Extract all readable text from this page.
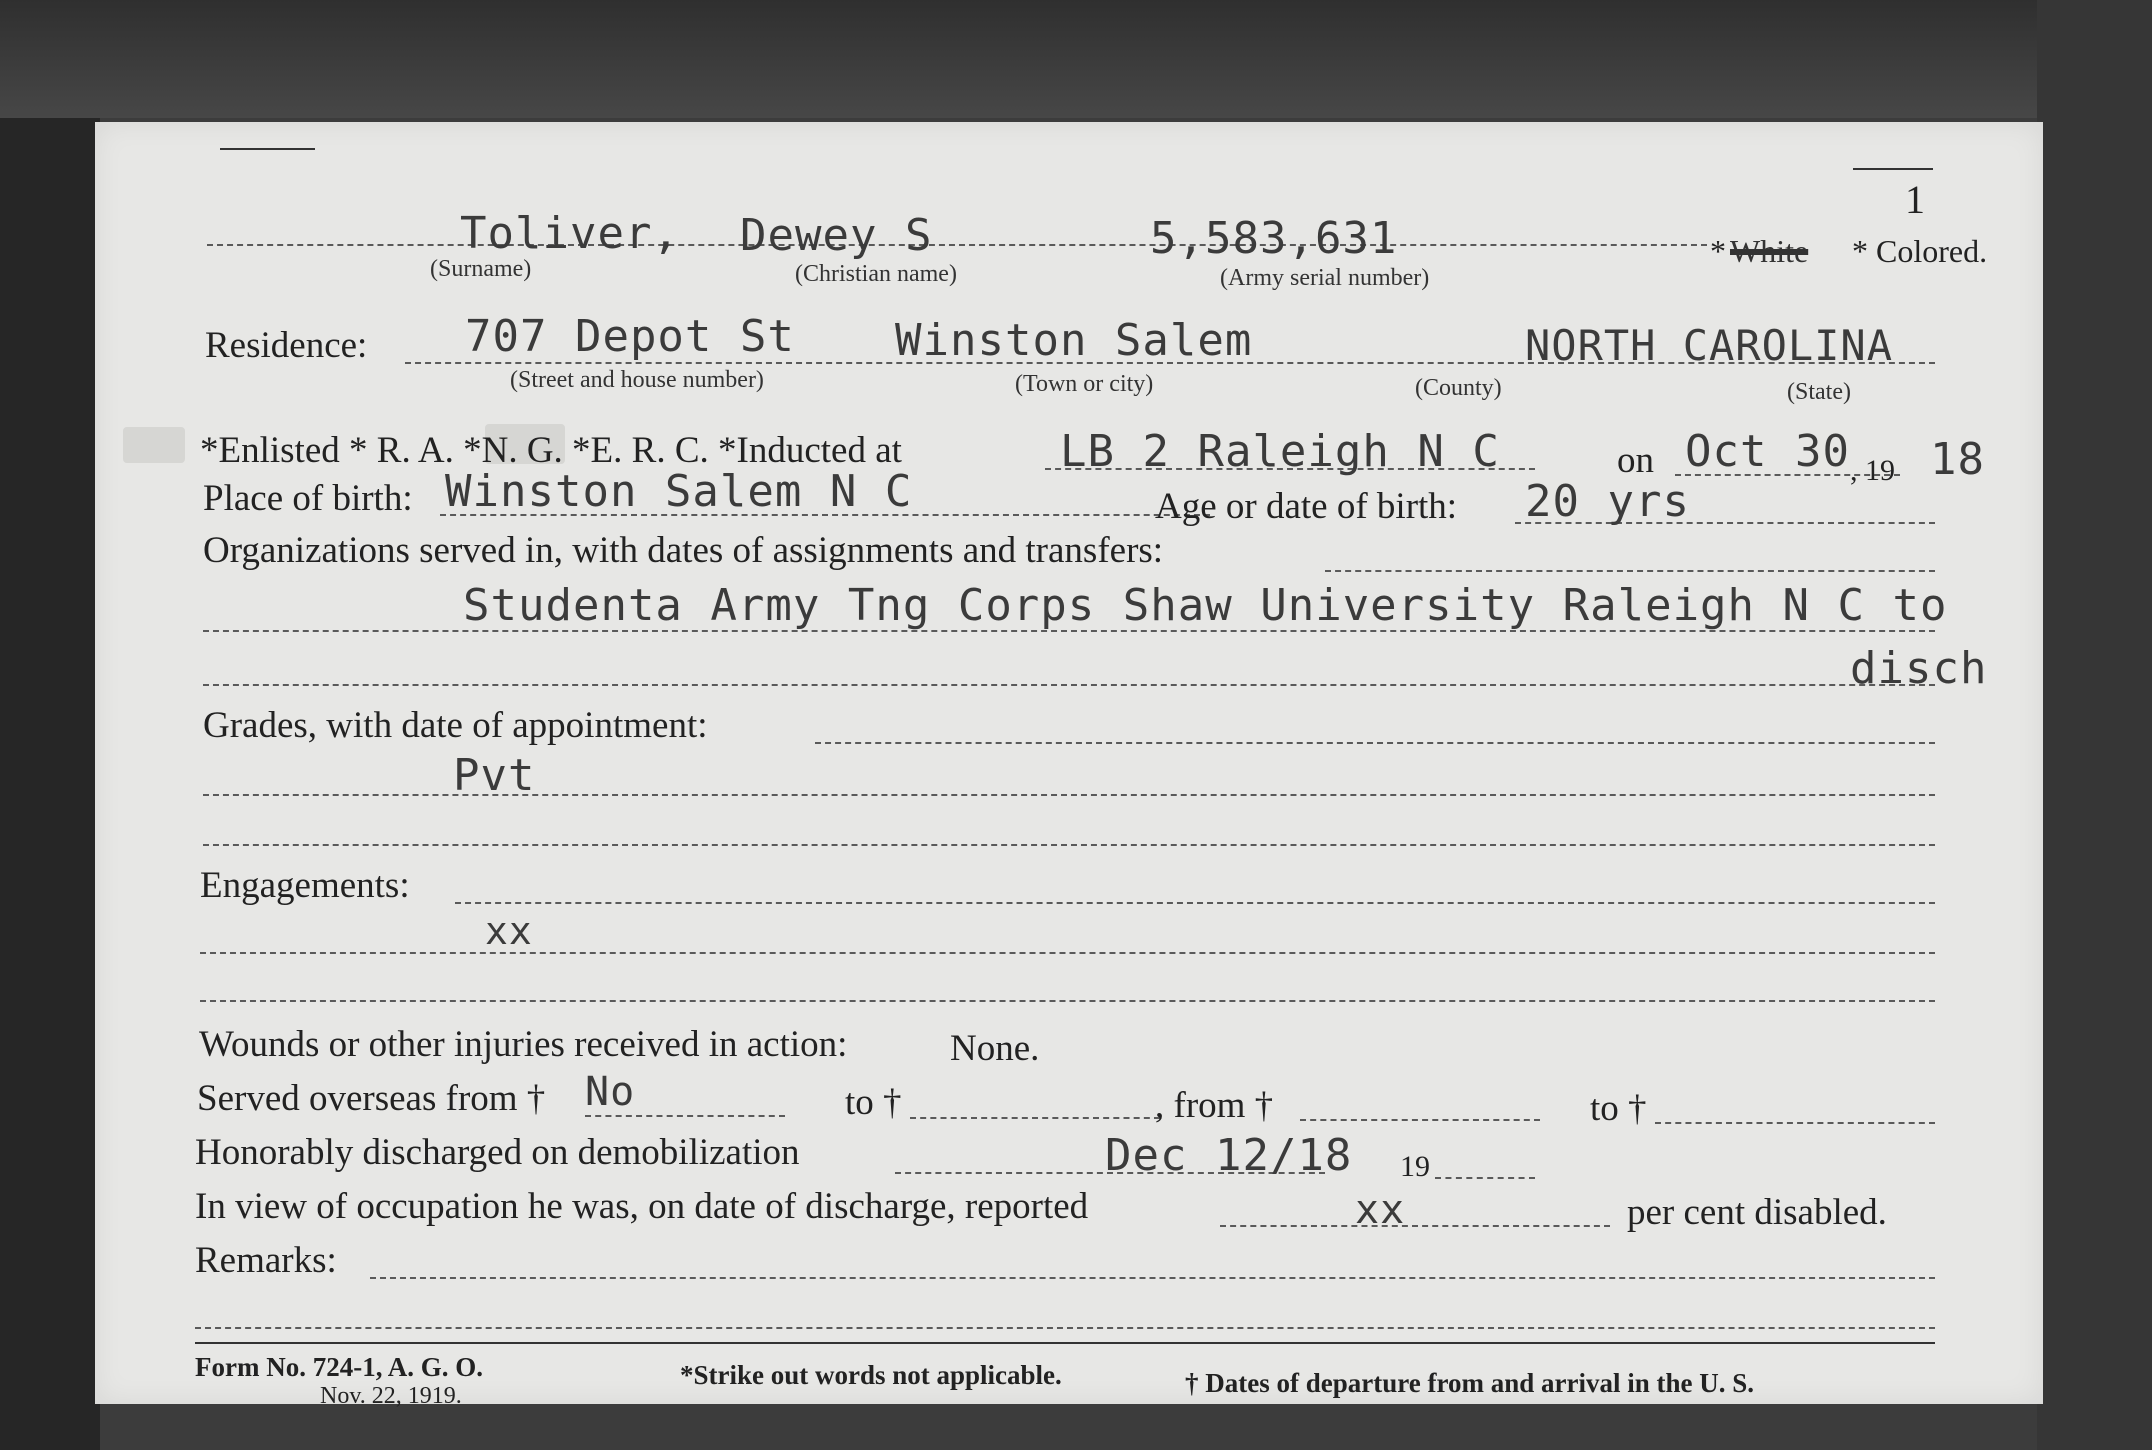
1
Toliver, Dewey S	5,583,631
(Surname)	(Christian name)	(Army serial number)
* White * Colored.
Residence: 707 Depot St Winston Salem	NORTH CAROLINA
(Street and house number)	(Town or city)	(County)	(State)
*Enlisted * R. A. *N. G. *E. R. C. *Inducted at	LB 2 Raleigh N C	on Oct 30 , 19 18
Place of birth: Winston Salem N C	Age or date of birth: 20 yrs
Organizations served in, with dates of assignments and transfers:
Studenta Army Tng Corps Shaw University Raleigh N C to
disch
Grades, with date of appointment:
Pvt
Engagements:
xx
Wounds or other injuries received in action:	None.
Served overseas from † No	to †	, from †	to †
Honorably discharged on demobilization	Dec 12/18 19
In view of occupation he was, on date of discharge, reported	xx	per cent disabled.
Remarks:
Form No. 724-1, A. G. O.
Nov. 22, 1919.
*Strike out words not applicable.	† Dates of departure from and arrival in the U. S.
